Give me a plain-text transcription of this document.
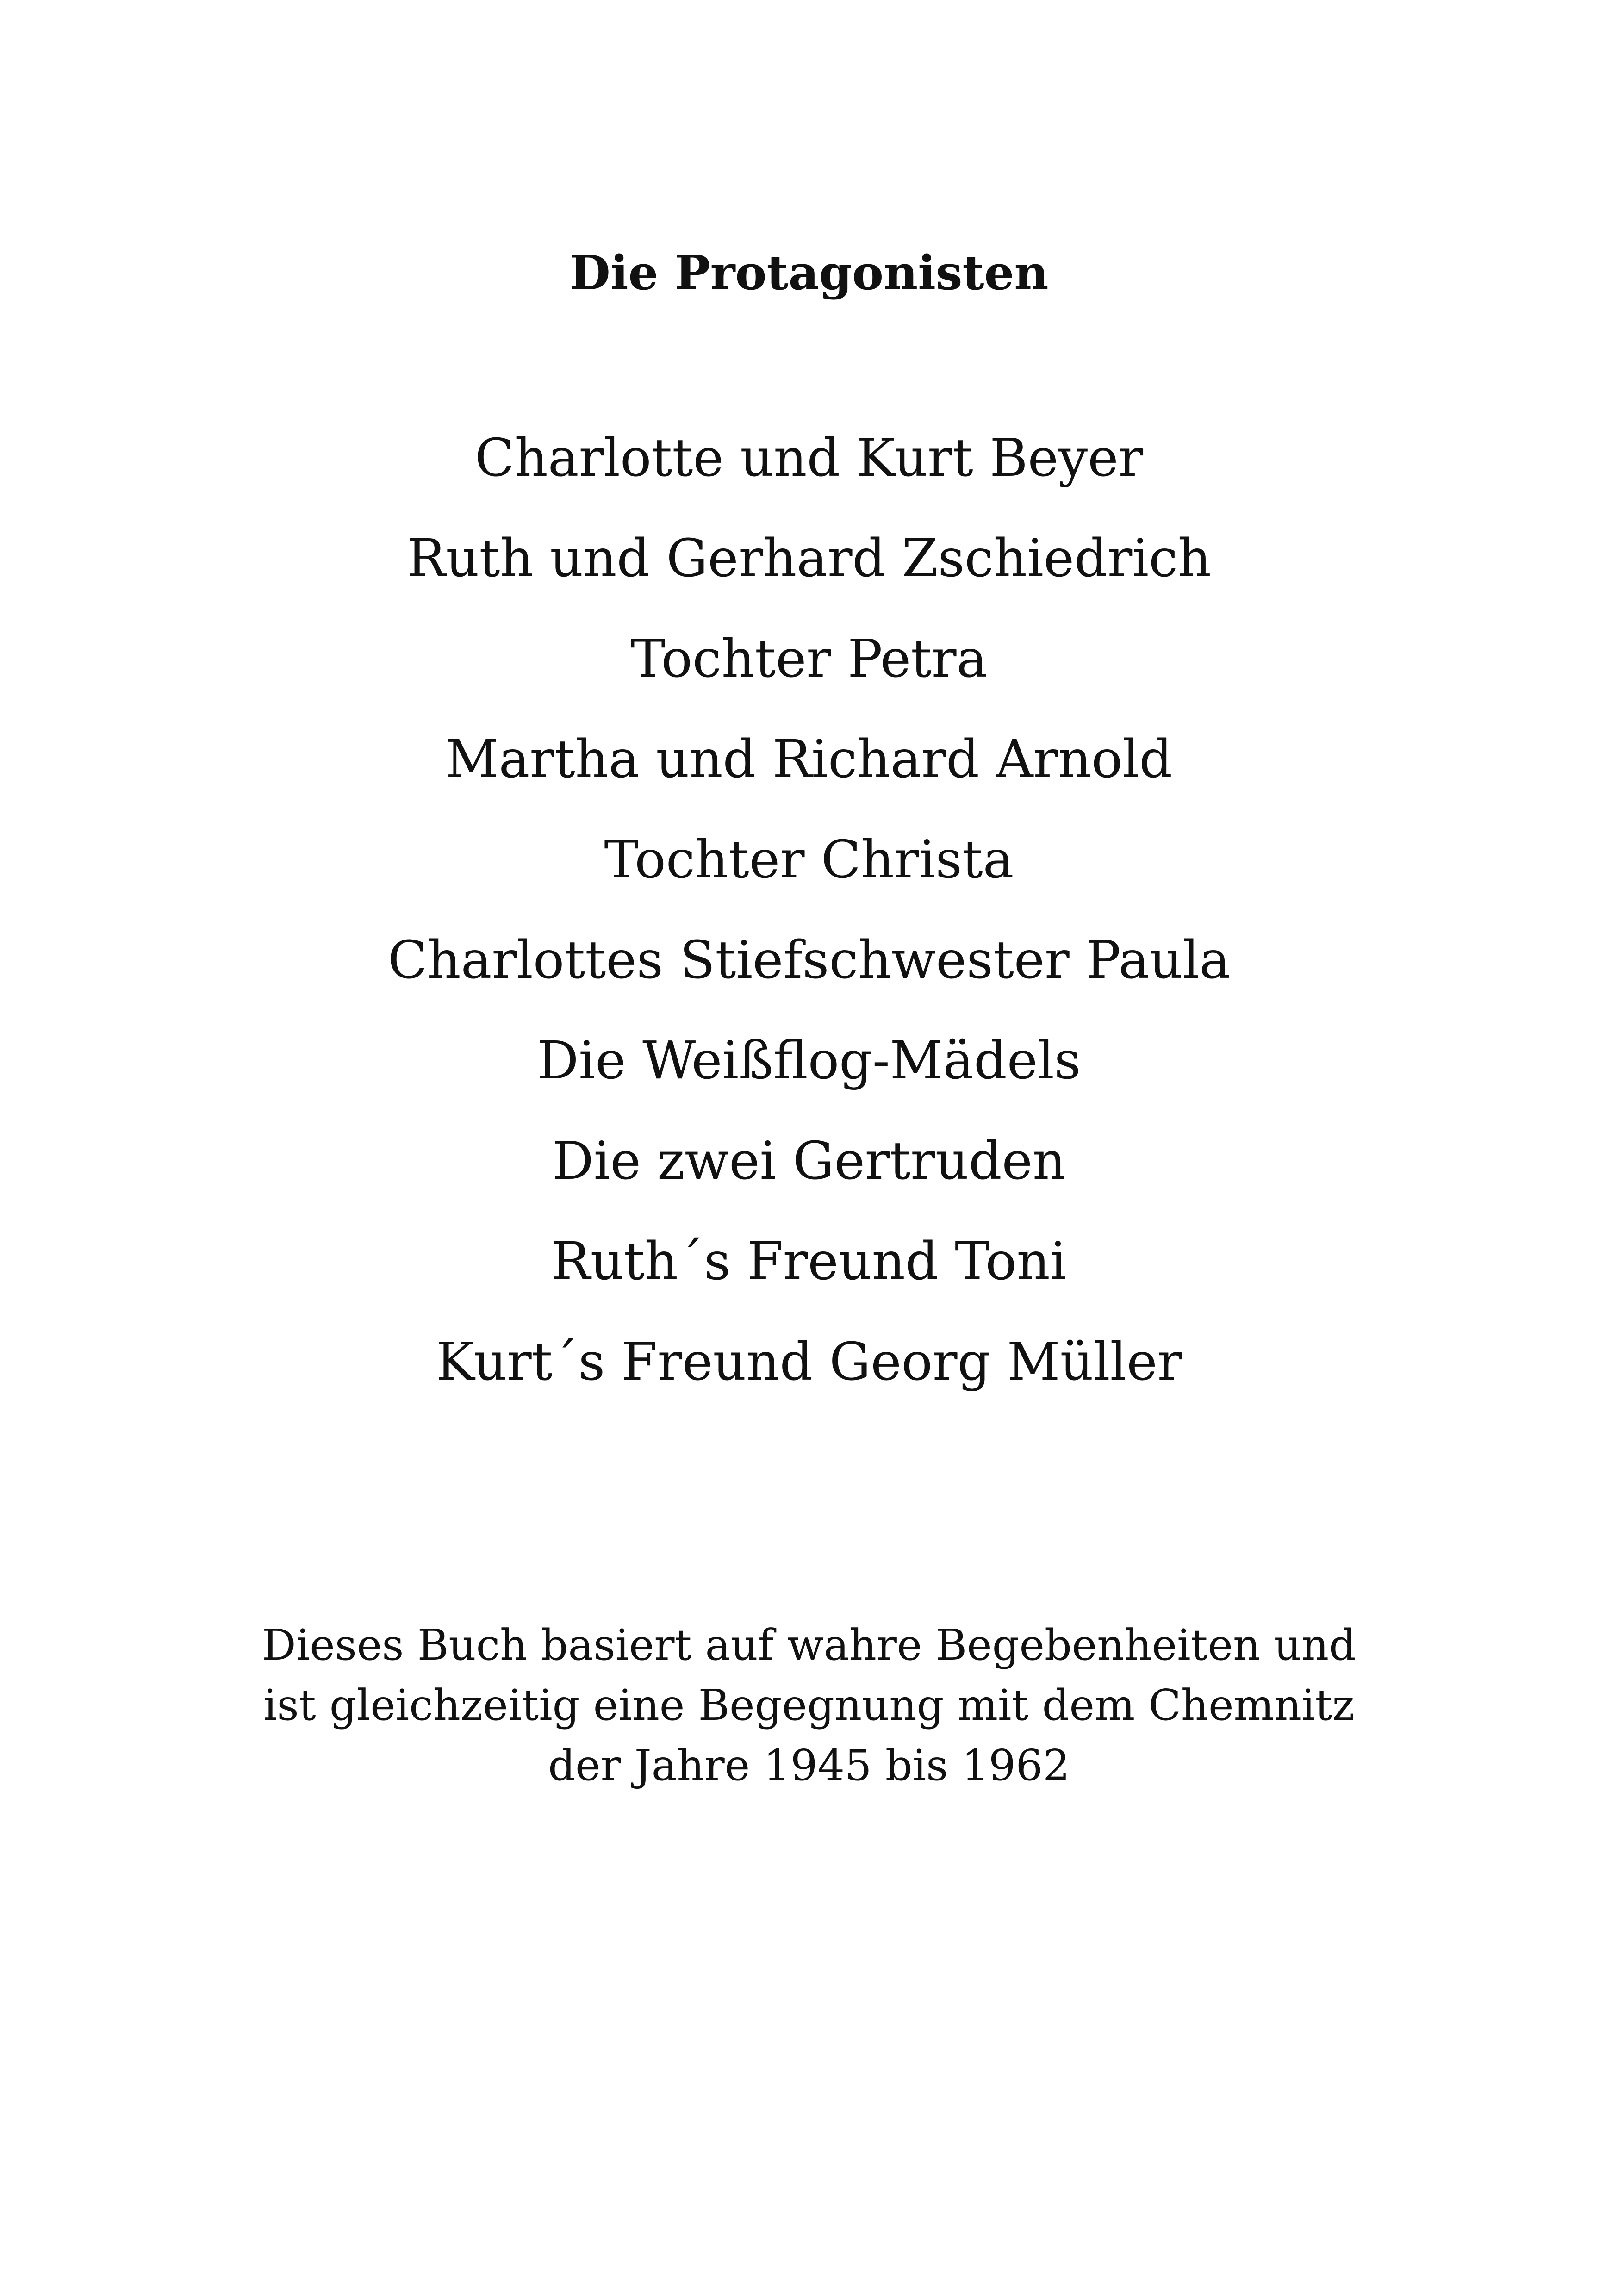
Die Protagonisten
Charlotte und Kurt Beyer
Ruth und Gerhard Zschiedrich
Tochter Petra
Martha und Richard Arnold
Tochter Christa
Charlottes Stiefschwester Paula
Die Weißflog-Mädels
Die zwei Gertruden
Ruth´s Freund Toni
Kurt´s Freund Georg Müller
Dieses Buch basiert auf wahre Begebenheiten und
ist gleichzeitig eine Begegnung mit dem Chemnitz
der Jahre 1945 bis 1962
